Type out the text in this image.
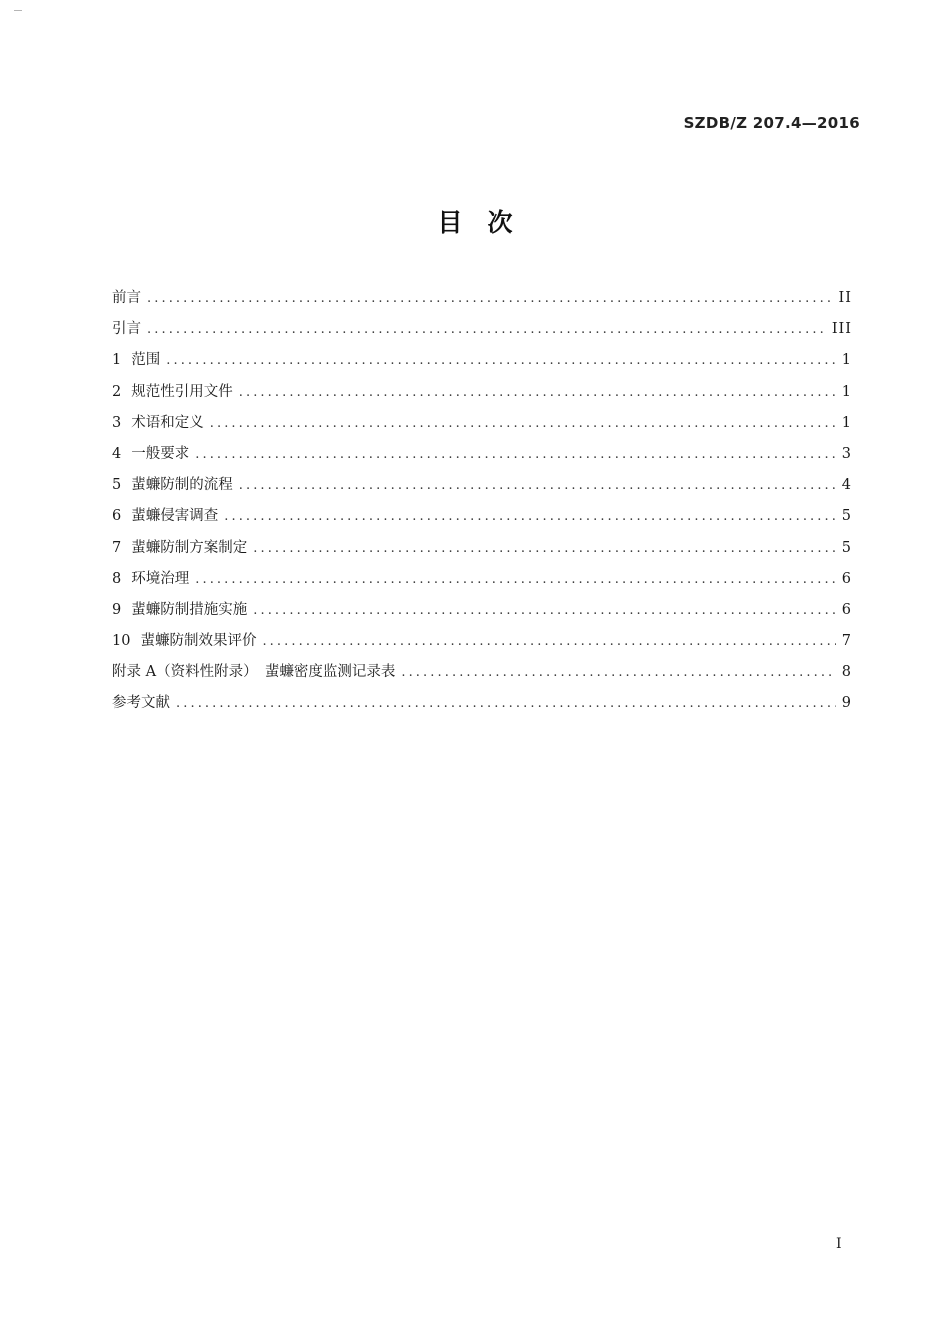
SZDB/Z 207.4—2016
目　次
前言 .....	II
引言 .....	III
1 范围 .....	1
2 规范性引用文件 .....	1
3 术语和定义 .....	1
4 一般要求 .....	3
5 蜚蠊防制的流程 .....	4
6 蜚蠊侵害调查 .....	5
7 蜚蠊防制方案制定 .....	5
8 环境治理 .....	6
9 蜚蠊防制措施实施 .....	6
10 蜚蠊防制效果评价 .....	7
附录 A（资料性附录）　蜚蠊密度监测记录表 .....	8
参考文献 .....	9
I
